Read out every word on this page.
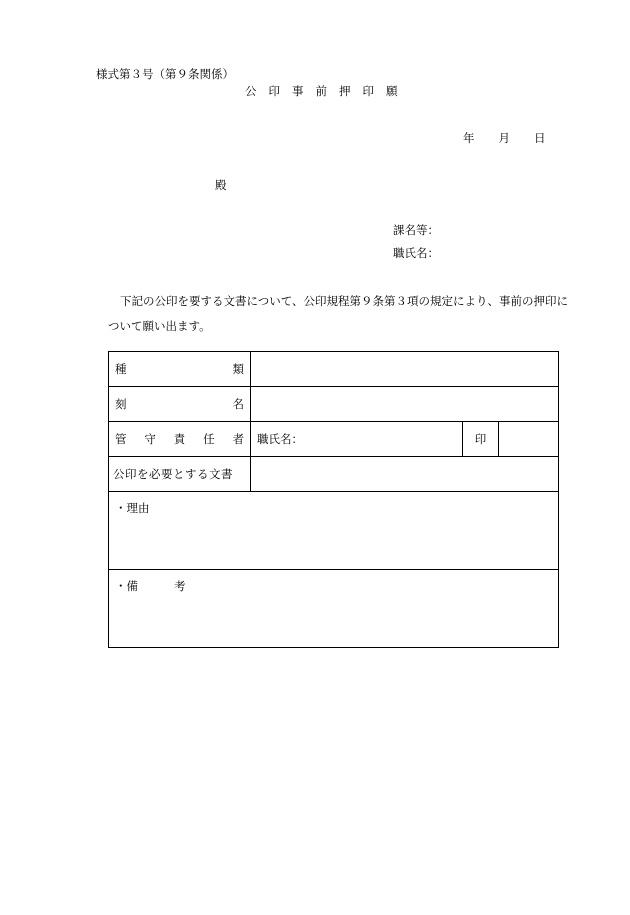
様式第３号（第９条関係）
公印事前押印願
年 月 日
殿
課名等：
職氏名：
下記の公印を要する文書について、公印規程第９条第３項の規定により、事前の押印について願い出ます。
種 類			

刻 名			

管 守 責 任 者	職氏名：	印	
公印を必要とする文書			
・理由			
・備 考			
